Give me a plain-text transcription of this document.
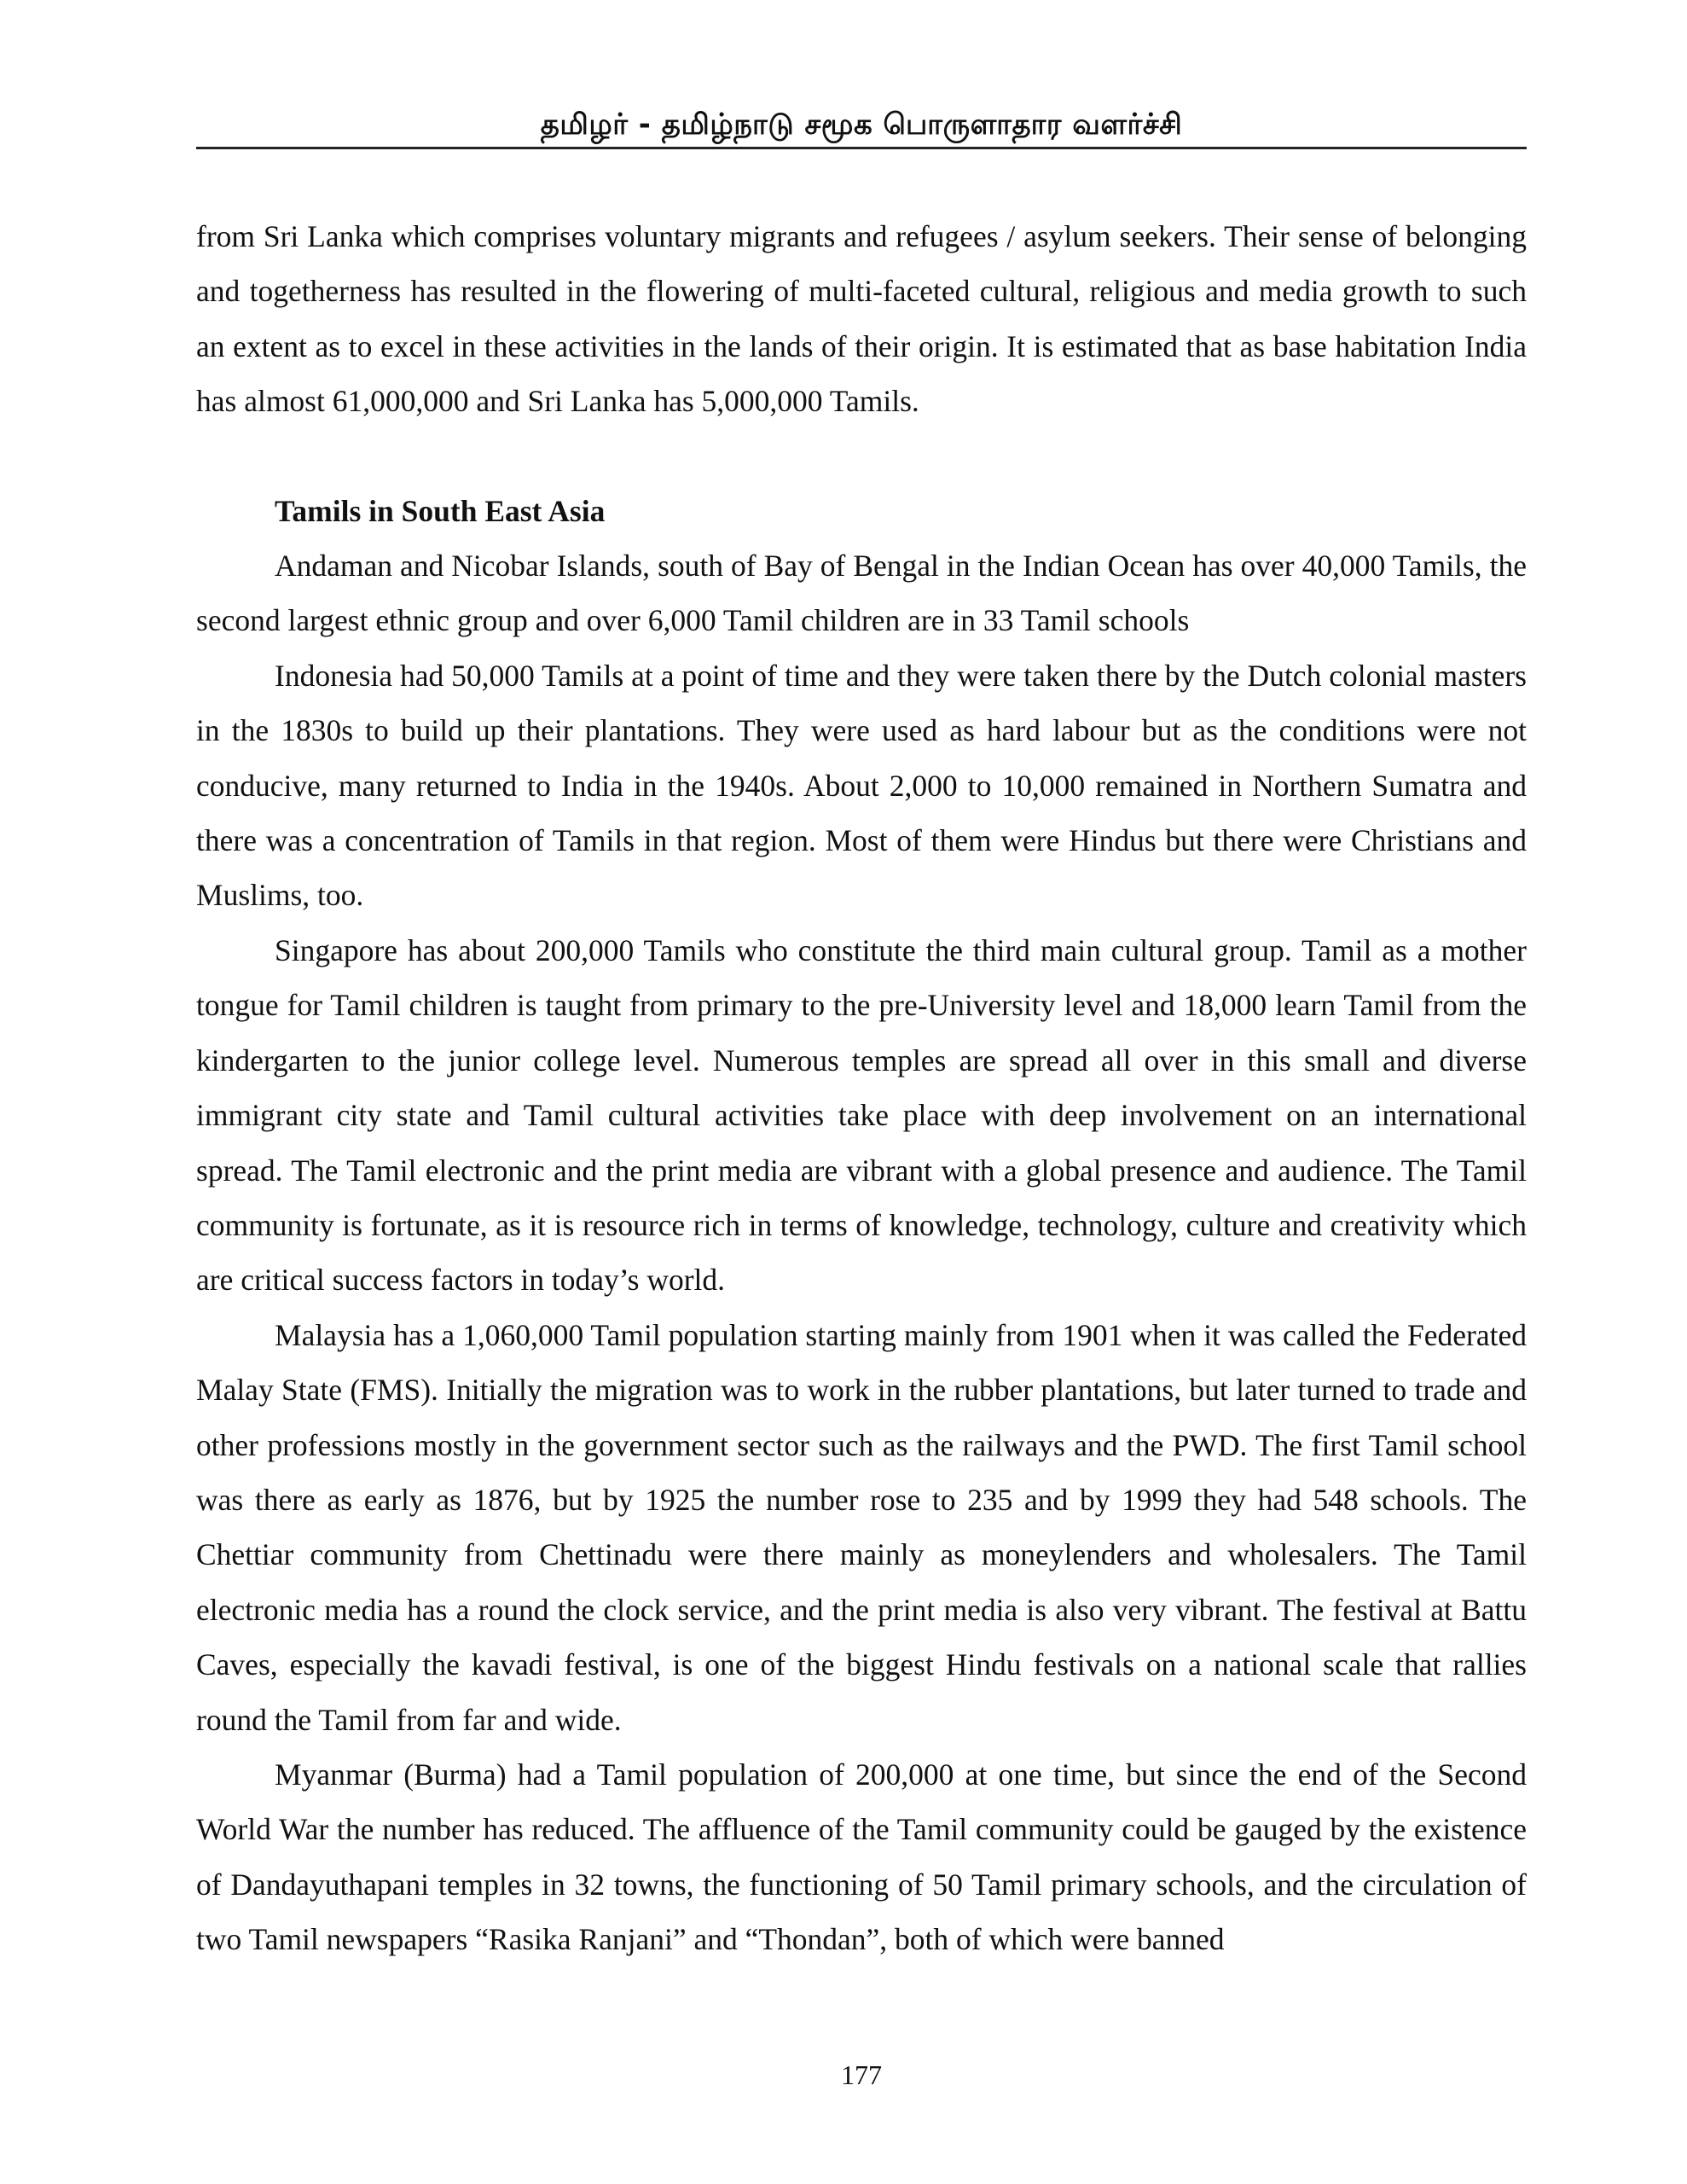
தமிழர் - தமிழ்நாடு சமூக பொருளாதார வளர்ச்சி

from Sri Lanka which comprises voluntary migrants and refugees / asylum seekers. Their sense of belonging and togetherness has resulted in the flowering of multi-faceted cultural, religious and media growth to such an extent as to excel in these activities in the lands of their origin. It is estimated that as base habitation India has almost 61,000,000 and Sri Lanka has 5,000,000 Tamils.

Tamils in South East Asia

Andaman and Nicobar Islands, south of Bay of Bengal in the Indian Ocean has over 40,000 Tamils, the second largest ethnic group and over 6,000 Tamil children are in 33 Tamil schools

Indonesia had 50,000 Tamils at a point of time and they were taken there by the Dutch colonial masters in the 1830s to build up their plantations. They were used as hard labour but as the conditions were not conducive, many returned to India in the 1940s. About 2,000 to 10,000 remained in Northern Sumatra and there was a concentration of Tamils in that region. Most of them were Hindus but there were Christians and Muslims, too.

Singapore has about 200,000 Tamils who constitute the third main cultural group. Tamil as a mother tongue for Tamil children is taught from primary to the pre-University level and 18,000 learn Tamil from the kindergarten to the junior college level. Numerous temples are spread all over in this small and diverse immigrant city state and Tamil cultural activities take place with deep involvement on an international spread. The Tamil electronic and the print media are vibrant with a global presence and audience. The Tamil community is fortunate, as it is resource rich in terms of knowledge, technology, culture and creativity which are critical success factors in today’s world.

Malaysia has a 1,060,000 Tamil population starting mainly from 1901 when it was called the Federated Malay State (FMS). Initially the migration was to work in the rubber plantations, but later turned to trade and other professions mostly in the government sector such as the railways and the PWD. The first Tamil school was there as early as 1876, but by 1925 the number rose to 235 and by 1999 they had 548 schools. The Chettiar community from Chettinadu were there mainly as moneylenders and wholesalers. The Tamil electronic media has a round the clock service, and the print media is also very vibrant. The festival at Battu Caves, especially the kavadi festival, is one of the biggest Hindu festivals on a national scale that rallies round the Tamil from far and wide.

Myanmar (Burma) had a Tamil population of 200,000 at one time, but since the end of the Second World War the number has reduced. The affluence of the Tamil community could be gauged by the existence of Dandayuthapani temples in 32 towns, the functioning of 50 Tamil primary schools, and the circulation of two Tamil newspapers “Rasika Ranjani” and “Thondan”, both of which were banned

177
